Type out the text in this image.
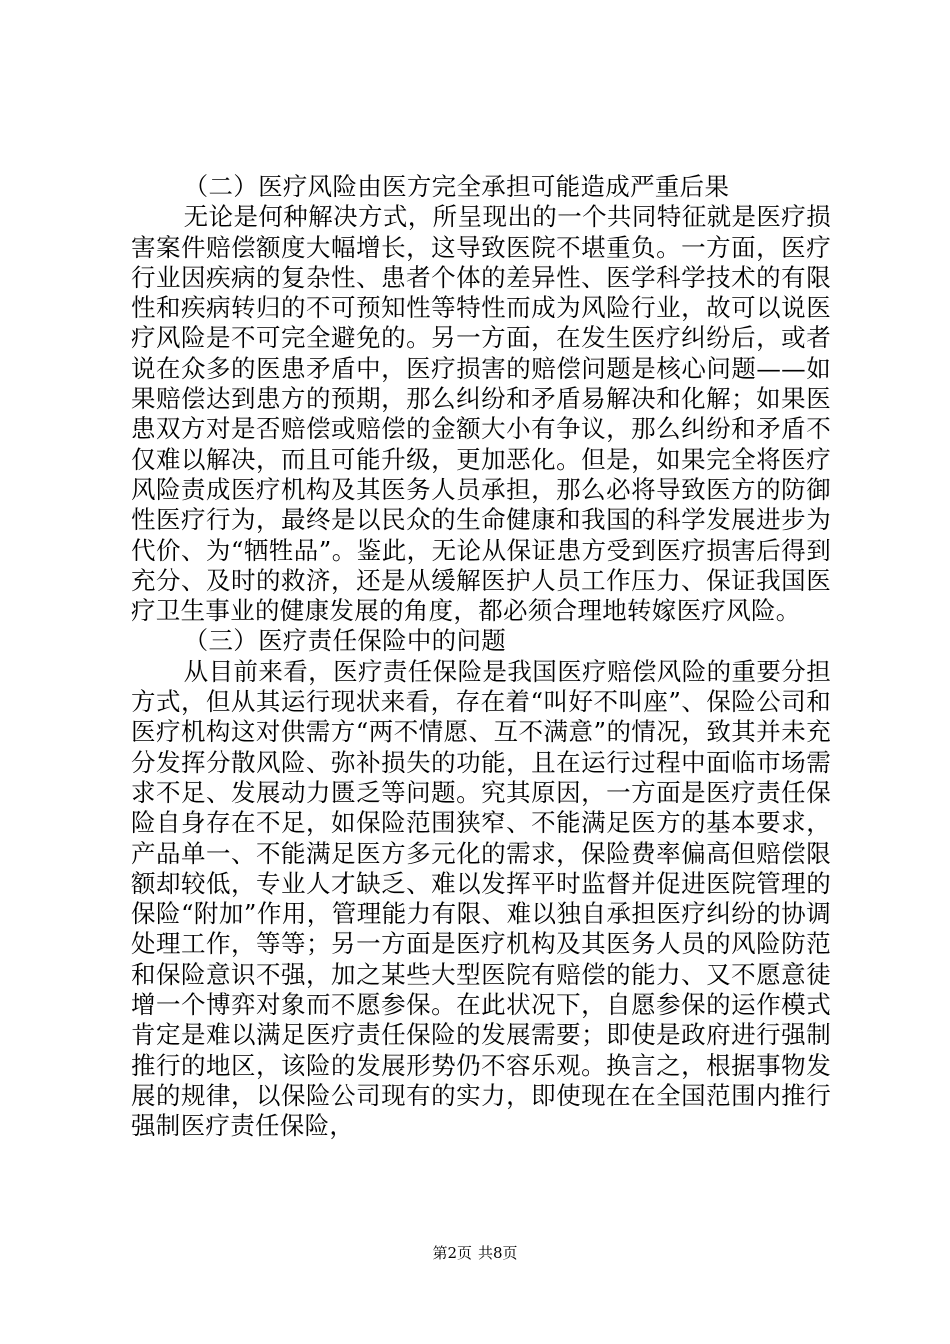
（二）医疗风险由医方完全承担可能造成严重后果

无论是何种解决方式，所呈现出的一个共同特征就是医疗损害案件赔偿额度大幅增长，这导致医院不堪重负。一方面，医疗行业因疾病的复杂性、患者个体的差异性、医学科学技术的有限性和疾病转归的不可预知性等特性而成为风险行业，故可以说医疗风险是不可完全避免的。另一方面，在发生医疗纠纷后，或者说在众多的医患矛盾中，医疗损害的赔偿问题是核心问题——如果赔偿达到患方的预期，那么纠纷和矛盾易解决和化解；如果医患双方对是否赔偿或赔偿的金额大小有争议，那么纠纷和矛盾不仅难以解决，而且可能升级，更加恶化。但是，如果完全将医疗风险责成医疗机构及其医务人员承担，那么必将导致医方的防御性医疗行为，最终是以民众的生命健康和我国的科学发展进步为代价、为“牺牲品”。鉴此，无论从保证患方受到医疗损害后得到充分、及时的救济，还是从缓解医护人员工作压力、保证我国医疗卫生事业的健康发展的角度，都必须合理地转嫁医疗风险。

（三）医疗责任保险中的问题

从目前来看，医疗责任保险是我国医疗赔偿风险的重要分担方式，但从其运行现状来看，存在着“叫好不叫座”、保险公司和医疗机构这对供需方“两不情愿、互不满意”的情况，致其并未充分发挥分散风险、弥补损失的功能，且在运行过程中面临市场需求不足、发展动力匮乏等问题。究其原因，一方面是医疗责任保险自身存在不足，如保险范围狭窄、不能满足医方的基本要求，产品单一、不能满足医方多元化的需求，保险费率偏高但赔偿限额却较低，专业人才缺乏、难以发挥平时监督并促进医院管理的保险“附加”作用，管理能力有限、难以独自承担医疗纠纷的协调处理工作，等等；另一方面是医疗机构及其医务人员的风险防范和保险意识不强，加之某些大型医院有赔偿的能力、又不愿意徒增一个博弈对象而不愿参保。在此状况下，自愿参保的运作模式肯定是难以满足医疗责任保险的发展需要；即使是政府进行强制推行的地区，该险的发展形势仍不容乐观。换言之，根据事物发展的规律，以保险公司现有的实力，即使现在在全国范围内推行强制医疗责任保险，

第2页 共8页
